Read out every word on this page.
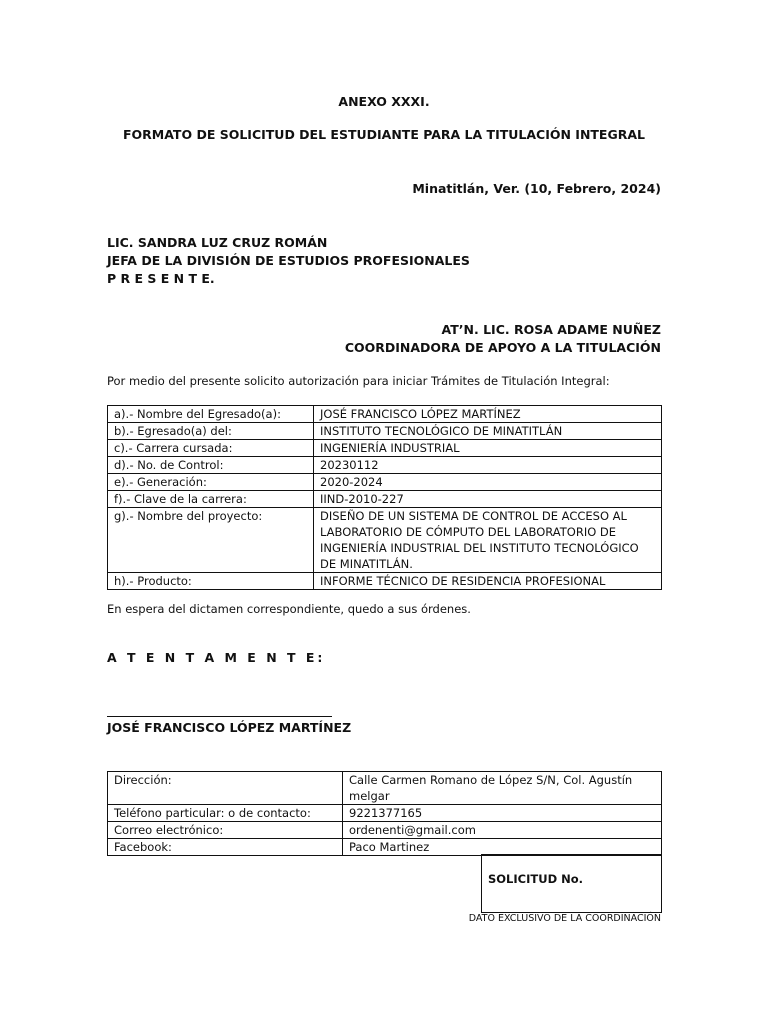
ANEXO XXXI.
FORMATO DE SOLICITUD DEL ESTUDIANTE PARA LA TITULACIÓN INTEGRAL
Minatitlán, Ver. (10, Febrero, 2024)
LIC. SANDRA LUZ CRUZ ROMÁN
JEFA DE LA DIVISIÓN DE ESTUDIOS PROFESIONALES
P R E S E N T E.
AT’N. LIC. ROSA ADAME NUÑEZ
COORDINADORA DE APOYO A LA TITULACIÓN
Por medio del presente solicito autorización para iniciar Trámites de Titulación Integral:
a).- Nombre del Egresado(a):	JOSÉ FRANCISCO LÓPEZ MARTÍNEZ
b).- Egresado(a) del:	INSTITUTO TECNOLÓGICO DE MINATITLÁN
c).- Carrera cursada:	INGENIERÍA INDUSTRIAL
d).- No. de Control:	20230112
e).- Generación:	2020-2024
f).- Clave de la carrera:	IIND-2010-227
g).- Nombre del proyecto:	DISEÑO DE UN SISTEMA DE CONTROL DE ACCESO AL LABORATORIO DE CÓMPUTO DEL LABORATORIO DE INGENIERÍA INDUSTRIAL DEL INSTITUTO TECNOLÓGICO DE MINATITLÁN.
h).- Producto:	INFORME TÉCNICO DE RESIDENCIA PROFESIONAL
En espera del dictamen correspondiente, quedo a sus órdenes.
A T E N T A M E N T E:
JOSÉ FRANCISCO LÓPEZ MARTÍNEZ
Dirección:	Calle Carmen Romano de López S/N, Col. Agustín melgar
Teléfono particular: o de contacto:	9221377165
Correo electrónico:	ordenenti@gmail.com
Facebook:	Paco Martinez
SOLICITUD No.
DATO EXCLUSIVO DE LA COORDINACIÓN
